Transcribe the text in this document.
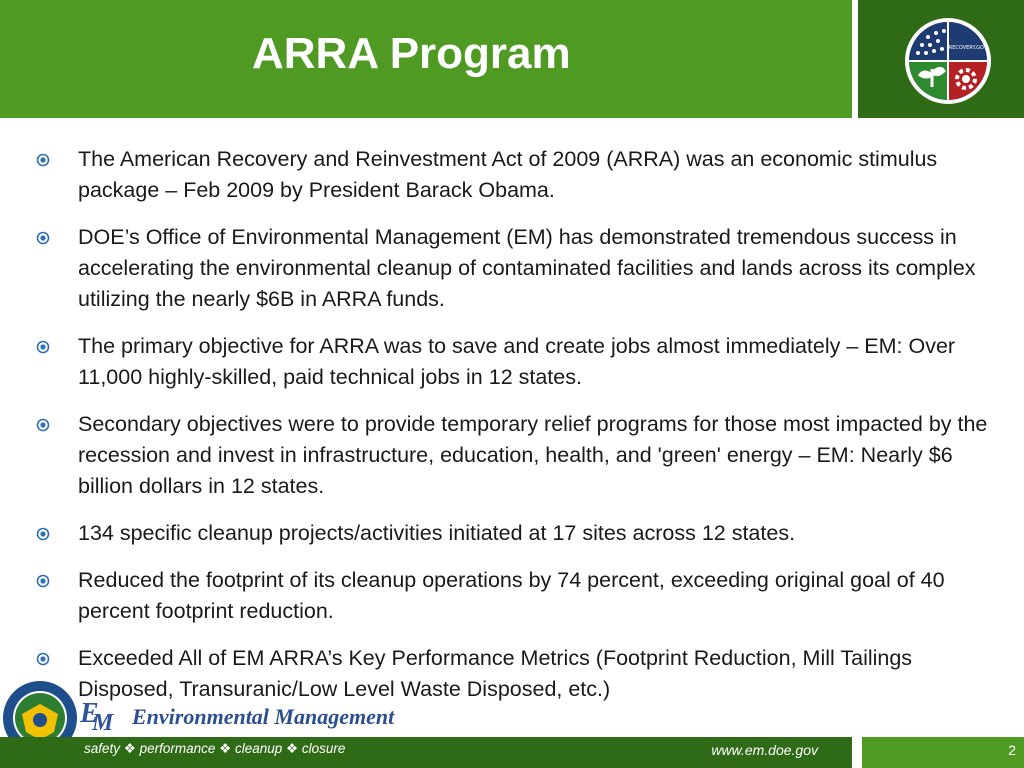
ARRA Program	RECOVERY.GOV
The American Recovery and Reinvestment Act of 2009 (ARRA) was an economic stimulus package – Feb 2009 by President Barack Obama.
DOE’s Office of Environmental Management (EM) has demonstrated tremendous success in accelerating the environmental cleanup of contaminated facilities and lands across its complex utilizing the nearly $6B in ARRA funds.
The primary objective for ARRA was to save and create jobs almost immediately – EM: Over 11,000 highly-skilled, paid technical jobs in 12 states.
Secondary objectives were to provide temporary relief programs for those most impacted by the recession and invest in infrastructure, education, health, and 'green' energy – EM: Nearly $6 billion dollars in 12 states.
134 specific cleanup projects/activities initiated at 17 sites across 12 states.
Reduced the footprint of its cleanup operations by 74 percent, exceeding original goal of 40 percent footprint reduction.
Exceeded All of EM ARRA’s Key Performance Metrics (Footprint Reduction, Mill Tailings Disposed, Transuranic/Low Level Waste Disposed, etc.)
E
M Environmental Management
safety ❖ performance ❖ cleanup ❖ closure	www.em.doe.gov	2
